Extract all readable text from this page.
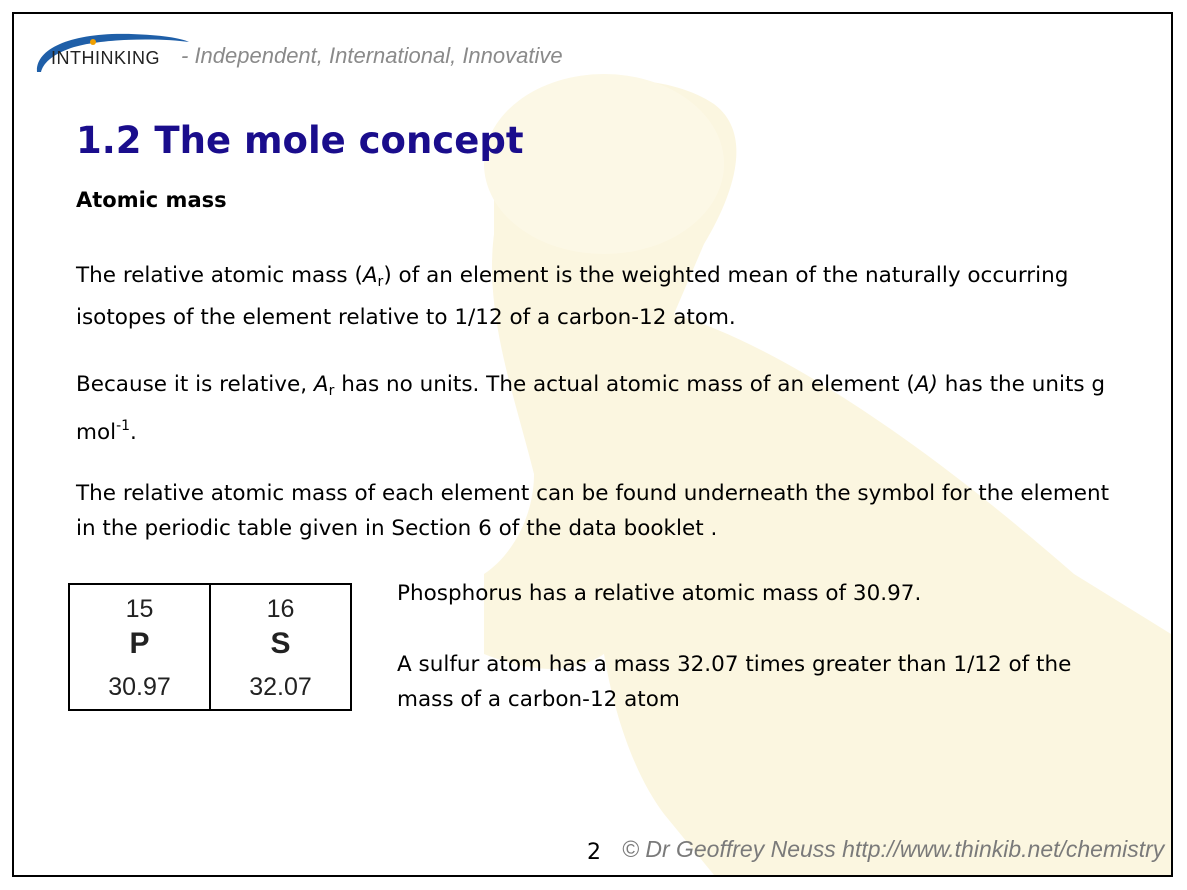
INTHINKING - Independent, International, Innovative
1.2 The mole concept
Atomic mass
The relative atomic mass $(A_r)$ of an element is the weighted mean of the naturally occurring isotopes of the element relative to 1/12 of a carbon-12 atom.
Because it is relative, $A_r$ has no units. The actual atomic mass of an element (A) has the units g mol$^{-1}$.
The relative atomic mass of each element can be found underneath the symbol for the element in the periodic table given in Section 6 of the data booklet .
15
P
30.97
16
S
32.07
Phosphorus has a relative atomic mass of 30.97.
A sulfur atom has a mass 32.07 times greater than 1/12 of the mass of a carbon-12 atom
2 © Dr Geoffrey Neuss http://www.thinkib.net/chemistry
